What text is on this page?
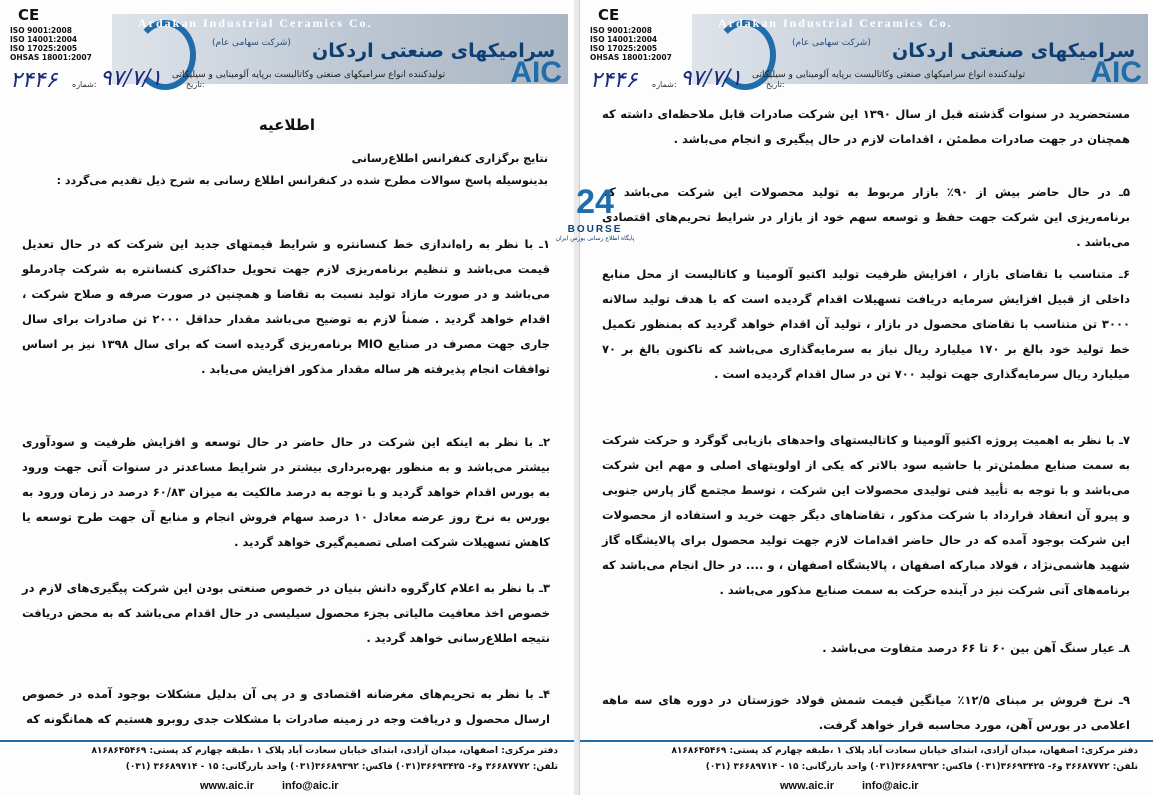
CE
ISO 9001:2008
ISO 14001:2004
ISO 17025:2005
OHSAS 18001:2007
Ardakan Industrial Ceramics Co.
(شرکت سهامی عام) سرامیکهای صنعتی اردکان
تولیدکننده انواع سرامیکهای صنعتی وکاتالیست برپایه آلومینایی و سیلیکاتی AIC
۲۴۴۶ شماره: ۹۷/۷/۱	تاریخ:
اطلاعیه
نتایج برگزاری کنفرانس اطلاع‌رسانی
بدینوسیله پاسخ سوالات مطرح شده در کنفرانس اطلاع رسانی به شرح ذیل تقدیم می‌گردد :
۱ـ با نظر به راه‌اندازی خط کنسانتره و شرایط قیمتهای جدید این شرکت که در حال تعدیل قیمت می‌باشد و تنظیم برنامه‌ریزی لازم جهت تحویل حداکثری کنسانتره به شرکت چادرملو می‌باشد و در صورت مازاد تولید نسبت به تقاضا و همچنین در صورت صرفه و صلاح شرکت ، اقدام خواهد گردید . ضمناً لازم به توضیح می‌باشد مقدار حداقل ۲۰۰۰ تن صادرات برای سال جاری جهت مصرف در صنایع MIO برنامه‌ریزی گردیده است که برای سال ۱۳۹۸ نیز بر اساس توافقات انجام پذیرفته هر ساله مقدار مذکور افزایش می‌یابد .
۲ـ با نظر به اینکه این شرکت در حال حاضر در حال توسعه و افزایش ظرفیت و سودآوری بیشتر می‌باشد و به منظور بهره‌برداری بیشتر در شرایط مساعدتر در سنوات آتی جهت ورود به بورس اقدام خواهد گردید و با توجه به درصد مالکیت به میزان ۶۰/۸۳ درصد در زمان ورود به بورس به نرخ روز عرضه معادل ۱۰ درصد سهام فروش انجام و منابع آن جهت طرح توسعه یا کاهش تسهیلات شرکت اصلی تصمیم‌گیری خواهد گردید .
۳ـ با نظر به اعلام کارگروه دانش بنیان در خصوص صنعتی بودن این شرکت پیگیری‌های لازم در خصوص اخذ معافیت مالیاتی بجزء محصول سیلیسی در حال اقدام می‌باشد که به محض دریافت نتیجه اطلاع‌رسانی خواهد گردید .
۴ـ با نظر به تحریم‌های مغرضانه اقتصادی و در پی آن بدلیل مشکلات بوجود آمده در خصوص ارسال محصول و دریافت وجه در زمینه صادرات با مشکلات جدی روبرو هستیم که همانگونه که
دفتر مرکزی: اصفهان، میدان آزادی، ابتدای خیابان سعادت آباد پلاک ۱ ،طبقه چهارم کد پستی: ۸۱۶۸۶۴۵۴۶۹
تلفن: ۳۶۶۸۷۷۷۲ و۶- ۳۶۶۹۳۴۲۵(۰۳۱) فاکس: ۳۶۶۸۹۳۹۲(۰۳۱) واحد بازرگانی: ۱۵ - ۳۶۶۸۹۷۱۴ (۰۳۱)
www.aic.ir	info@aic.ir
CE
ISO 9001:2008
ISO 14001:2004
ISO 17025:2005
OHSAS 18001:2007
Ardakan Industrial Ceramics Co.
(شرکت سهامی عام) سرامیکهای صنعتی اردکان
تولیدکننده انواع سرامیکهای صنعتی وکاتالیست برپایه آلومینایی و سیلیکاتی AIC
۲۴۴۶ شماره: ۹۷/۷/۱	تاریخ:
مستحضرید در سنوات گذشته قبل از سال ۱۳۹۰ این شرکت صادرات قابل ملاحظه‌ای داشته که همچنان در جهت صادرات مطمئن ، اقدامات لازم در حال پیگیری و انجام می‌باشد .
۵ـ در حال حاضر بیش از ۹۰٪ بازار مربوط به تولید محصولات این شرکت می‌باشد که برنامه‌ریزی این شرکت جهت حفظ و توسعه سهم خود از بازار در شرایط تحریم‌های اقتصادی می‌باشد .
۶ـ متناسب با تقاضای بازار ، افزایش ظرفیت تولید اکتیو آلومینا و کاتالیست از محل منابع داخلی از قبیل افزایش سرمایه دریافت تسهیلات اقدام گردیده است که با هدف تولید سالانه ۳۰۰۰ تن متناسب با تقاضای محصول در بازار ، تولید آن اقدام خواهد گردید که بمنظور تکمیل خط تولید خود بالغ بر ۱۷۰ میلیارد ریال نیاز به سرمایه‌گذاری می‌باشد که تاکنون بالغ بر ۷۰ میلیارد ریال سرمایه‌گذاری جهت تولید ۷۰۰ تن در سال اقدام گردیده است .
۷ـ با نظر به اهمیت پروژه اکتیو آلومینا و کاتالیستهای واحدهای بازیابی گوگرد و حرکت شرکت به سمت صنایع مطمئن‌تر با حاشیه سود بالاتر که یکی از اولویتهای اصلی و مهم این شرکت می‌باشد و با توجه به تأیید فنی تولیدی محصولات این شرکت ، توسط مجتمع گاز پارس جنوبی و پیرو آن انعقاد قرارداد با شرکت مذکور ، تقاضاهای دیگر جهت خرید و استفاده از محصولات این شرکت بوجود آمده که در حال حاضر اقدامات لازم جهت تولید محصول برای پالایشگاه گاز شهید هاشمی‌نژاد ، فولاد مبارکه اصفهان ، پالایشگاه اصفهان ، و .... در حال انجام می‌باشد که برنامه‌های آتی شرکت نیز در آینده حرکت به سمت صنایع مذکور می‌باشد .
۸ـ عیار سنگ آهن بین ۶۰ تا ۶۶ درصد متفاوت می‌باشد .
۹ـ نرخ فروش بر مبنای ۱۲/۵٪ میانگین قیمت شمش فولاد خوزستان در دوره های سه ماهه اعلامی در بورس آهن، مورد محاسبه قرار خواهد گرفت.
دفتر مرکزی: اصفهان، میدان آزادی، ابتدای خیابان سعادت آباد پلاک ۱ ،طبقه چهارم کد پستی: ۸۱۶۸۶۴۵۴۶۹
تلفن: ۳۶۶۸۷۷۷۲ و۶- ۳۶۶۹۳۴۲۵(۰۳۱) فاکس: ۳۶۶۸۹۳۹۲(۰۳۱) واحد بازرگانی: ۱۵ - ۳۶۶۸۹۷۱۴ (۰۳۱)
www.aic.ir	info@aic.ir
24
BOURSE
پایگاه اطلاع رسانی بورس ایران
